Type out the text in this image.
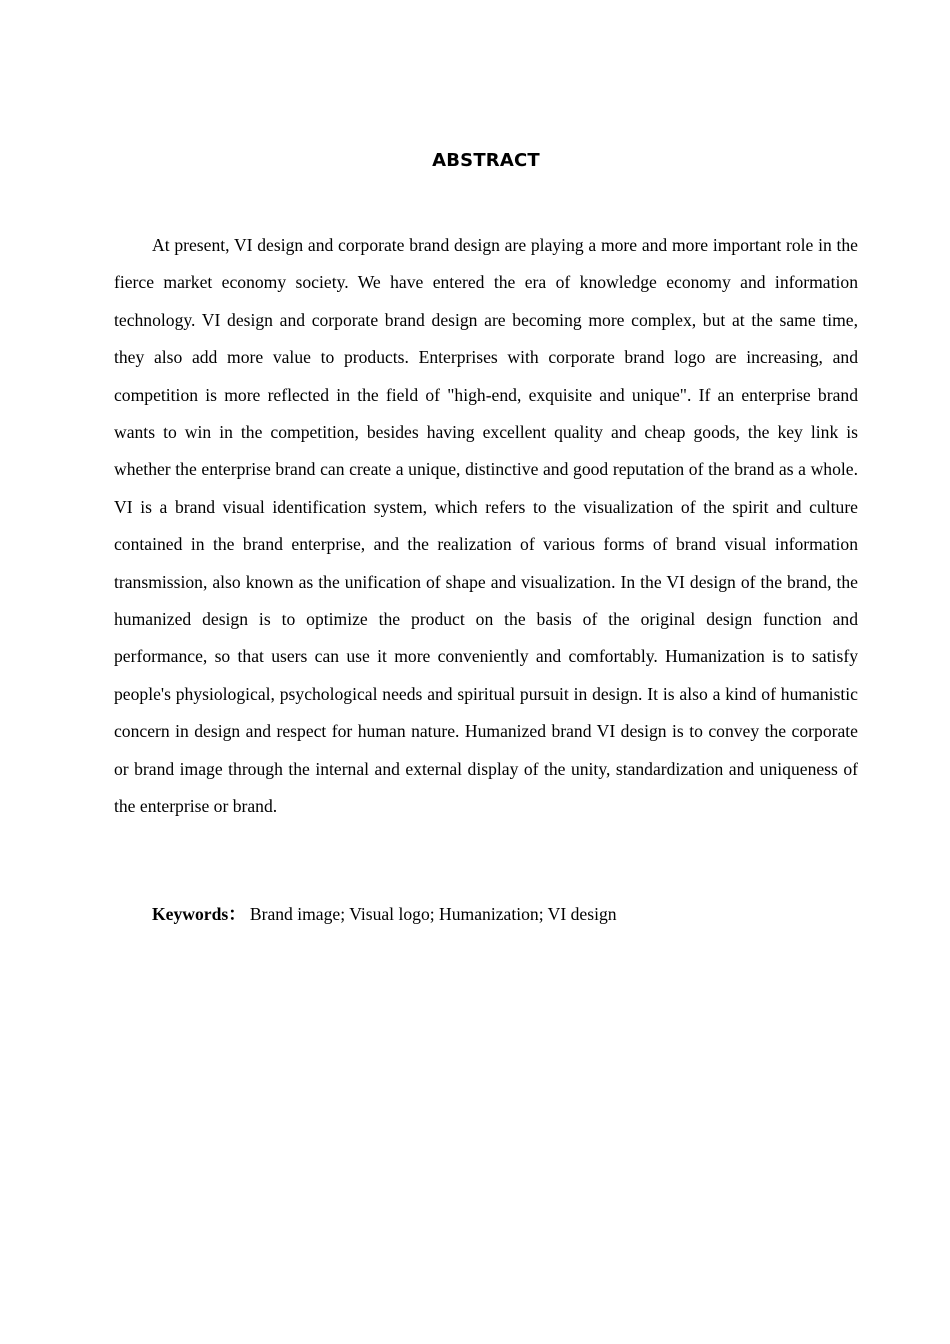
ABSTRACT

At present, VI design and corporate brand design are playing a more and more important role in the fierce market economy society. We have entered the era of knowledge economy and information technology. VI design and corporate brand design are becoming more complex, but at the same time, they also add more value to products. Enterprises with corporate brand logo are increasing, and competition is more reflected in the field of "high-end, exquisite and unique". If an enterprise brand wants to win in the competition, besides having excellent quality and cheap goods, the key link is whether the enterprise brand can create a unique, distinctive and good reputation of the brand as a whole. VI is a brand visual identification system, which refers to the visualization of the spirit and culture contained in the brand enterprise, and the realization of various forms of brand visual information transmission, also known as the unification of shape and visualization. In the VI design of the brand, the humanized design is to optimize the product on the basis of the original design function and performance, so that users can use it more conveniently and comfortably. Humanization is to satisfy people's physiological, psychological needs and spiritual pursuit in design. It is also a kind of humanistic concern in design and respect for human nature. Humanized brand VI design is to convey the corporate or brand image through the internal and external display of the unity, standardization and uniqueness of the enterprise or brand.

Keywords： Brand image; Visual logo; Humanization; VI design
